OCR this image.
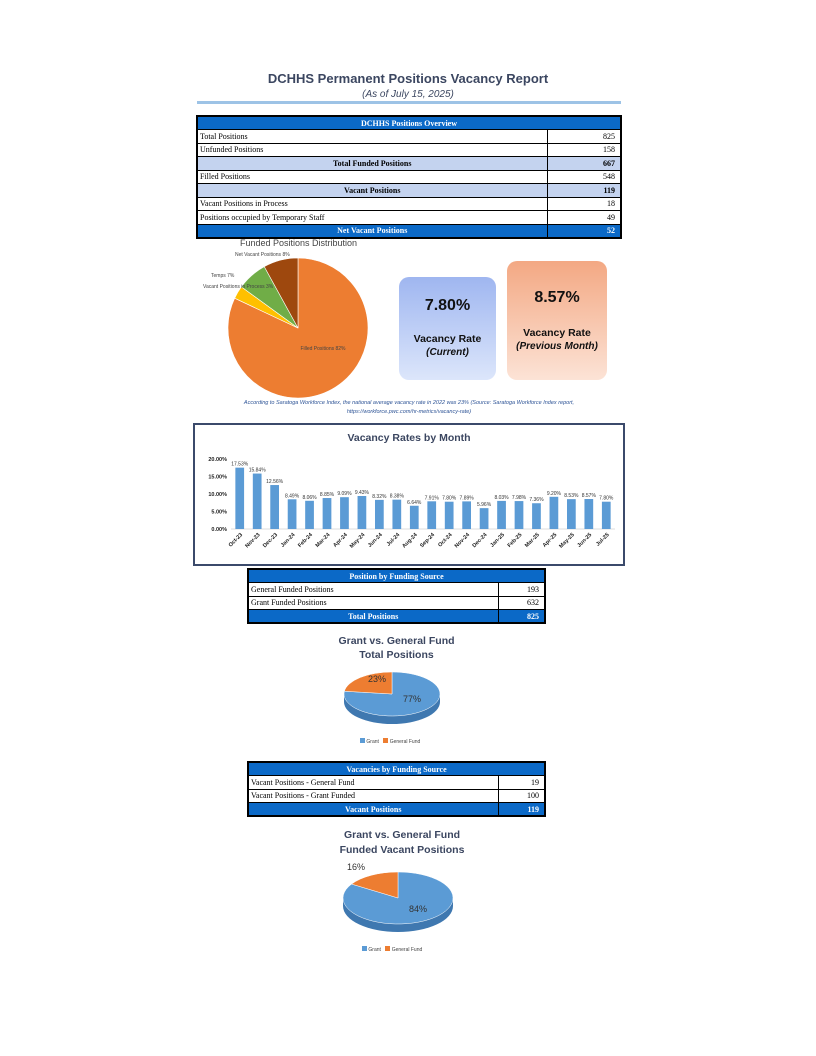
DCHHS Permanent Positions Vacancy Report
(As of July 15, 2025)
DCHHS Positions Overview	
Total Positions	825
Unfunded Positions	158
Total Funded Positions	667
Filled Positions	548
Vacant Positions	119
Vacant Positions in Process	18
Positions occupied by Temporary Staff	49
Net Vacant Positions	52
Funded Positions Distribution
Net Vacant Positions 8%
Temps 7%
Vacant Positions in Process 3%
Filled Positions 82%
7.80%
Vacancy Rate
(Current)
8.57%
Vacancy Rate
(Previous Month)
According to Saratoga Workforce Index, the national average vacancy rate in 2022 was 23% (Source: Saratoga Workforce Index report,
https://workforce.pwc.com/hr-metrics/vacancy-rate)
Vacancy Rates by Month
0.00%
5.00%
10.00%
15.00%
20.00%
17.53%
15.84%
12.56%
8.49% 8.06% 8.85% 9.09% 9.43%
8.32% 8.38%
6.64%
7.91% 7.80% 7.89%
5.96%
8.03% 7.98% 7.36%
9.20% 8.53% 8.57% 7.80%
Oct-23 Nov-23 Dec-23 Jan-24 Feb-24 Mar-24 Apr-24 May-24 Jun-24 Jul-24 Aug-24 Sep-24 Oct-24 Nov-24 Dec-24 Jan-25 Feb-25 Mar-25 Apr-25 May-25 Jun-25 Jul-25
Position by Funding Source	
General Funded Positions	193
Grant Funded Positions	632
Total Positions	825
Grant vs. General Fund
Total Positions
77%
23%
Grant General Fund
Vacancies by Funding Source	
Vacant Positions - General Fund	19
Vacant Positions - Grant Funded	100
Vacant Positions	119
Grant vs. General Fund
Funded Vacant Positions
84%
16%
Grant General Fund
